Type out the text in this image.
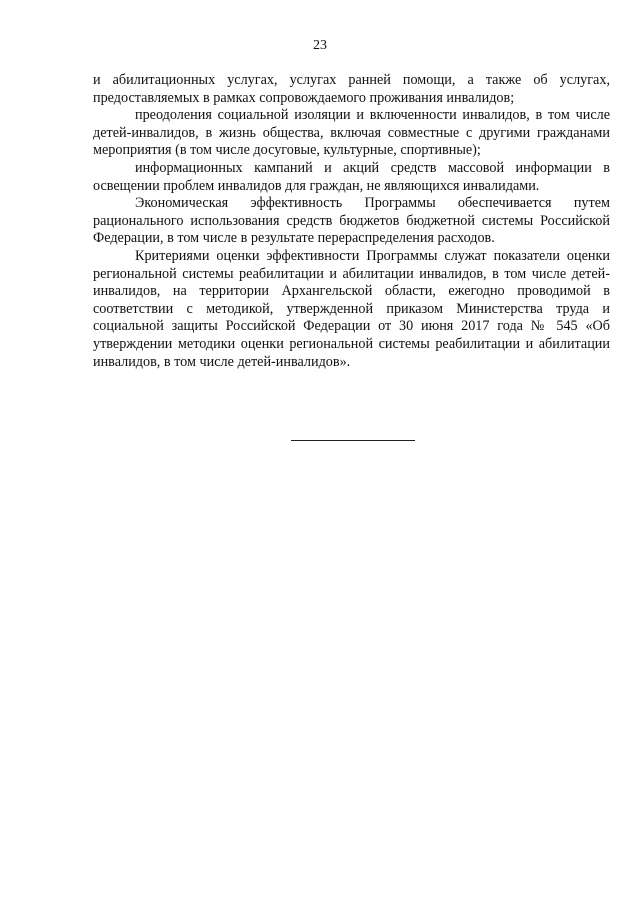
23

и абилитационных услугах, услугах ранней помощи, а также об услугах, предоставляемых в рамках сопровождаемого проживания инвалидов;

преодоления социальной изоляции и включенности инвалидов, в том числе детей-инвалидов, в жизнь общества, включая совместные с другими гражданами мероприятия (в том числе досуговые, культурные, спортивные);

информационных кампаний и акций средств массовой информации в освещении проблем инвалидов для граждан, не являющихся инвалидами.

Экономическая эффективность Программы обеспечивается путем рационального использования средств бюджетов бюджетной системы Российской Федерации, в том числе в результате перераспределения расходов.

Критериями оценки эффективности Программы служат показатели оценки региональной системы реабилитации и абилитации инвалидов, в том числе детей-инвалидов, на территории Архангельской области, ежегодно проводимой в соответствии с методикой, утвержденной приказом Министерства труда и социальной защиты Российской Федерации от 30 июня 2017 года № 545 «Об утверждении методики оценки региональной системы реабилитации и абилитации инвалидов, в том числе детей-инвалидов».
